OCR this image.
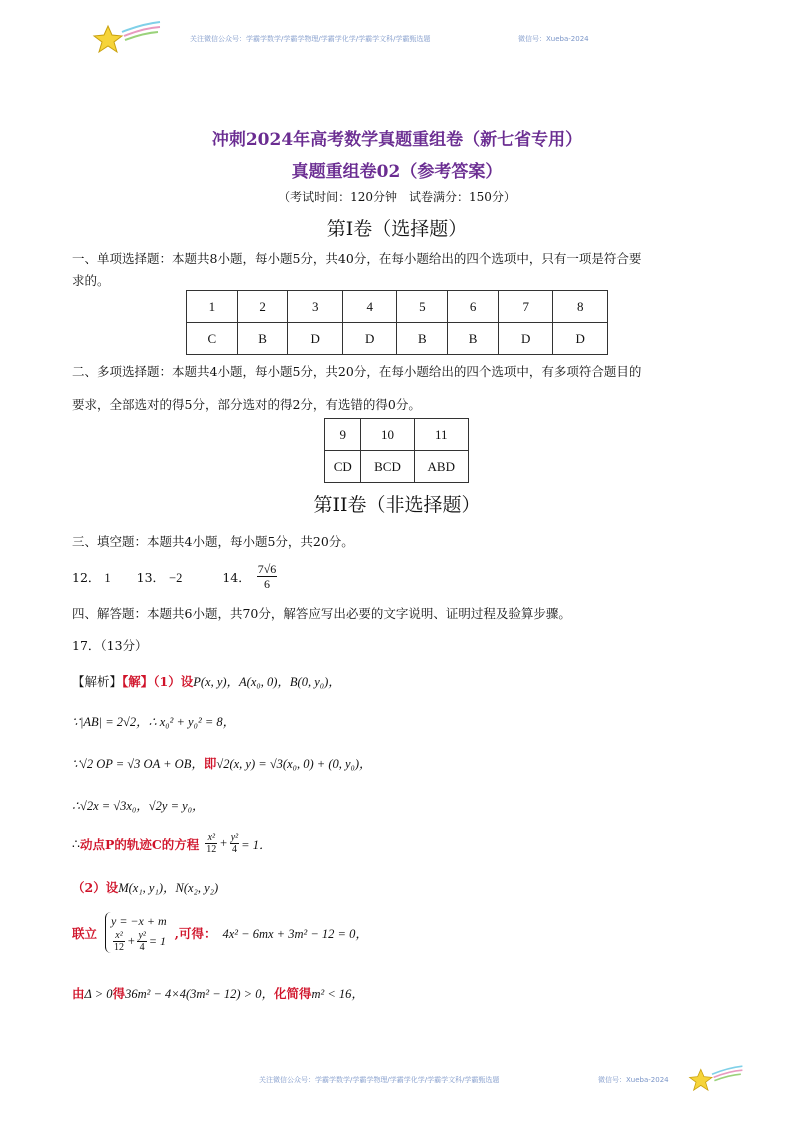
关注微信公众号：学霸学数学/学霸学物理/学霸学化学/学霸学文科/学霸甄选题	微信号：Xueba-2024
冲刺2024年高考数学真题重组卷（新七省专用）
真题重组卷02（参考答案）
（考试时间：120分钟　试卷满分：150分）
第I卷（选择题）
一、单项选择题：本题共8小题，每小题5分，共40分，在每小题给出的四个选项中，只有一项是符合要
求的。
1	2	3	4	5	6	7	8
C	B	D	D	B	B	D	D
二、多项选择题：本题共4小题，每小题5分，共20分，在每小题给出的四个选项中，有多项符合题目的
要求，全部选对的得5分，部分选对的得2分，有选错的得0分。
9	10	11
CD	BCD	ABD
第II卷（非选择题）
三、填空题：本题共4小题，每小题5分，共20分。
12． 1 13． −2	14． $\frac{7√6}{6}$
四、解答题：本题共6小题，共70分，解答应写出必要的文字说明、证明过程及验算步骤。
17．（13分）
【解析】【解】（1）设P(x, y)，A(x₀, 0)，B(0, y₀)，
∵|AB| = 2√2，∴ x₀² + y₀² = 8，
∵√2 OP = √3 OA + OB，即√2(x, y) = √3(x₀, 0) + (0, y₀)，
∴√2x = √3x₀，√2y = y₀，
∴动点P的轨迹C的方程 $\frac{\text{x²}}{12} + \frac{\text{y²}}{4} = 1$．
（2）设M(x₁, y₁)，N(x₂, y₂)
联立
y = −x + m
$\frac{\text{x²}}{12} + \frac{\text{y²}}{4} = 1$
,可得： 4x² − 6mx + 3m² − 12 = 0，
由Δ > 0得36m² − 4×4(3m² − 12) > 0，化简得m² < 16，
关注微信公众号：学霸学数学/学霸学物理/学霸学化学/学霸学文科/学霸甄选题	微信号：Xueba-2024
